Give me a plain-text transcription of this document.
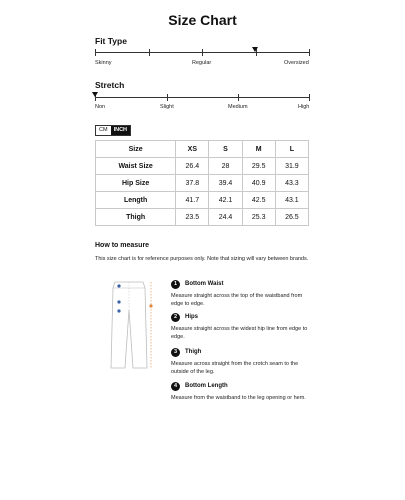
Size Chart
Fit Type
Skinny	Regular	Oversized
Stretch
Non	Slight	Medium	High
CM	INCH
Size	XS	S	M	L
Waist Size	26.4	28	29.5	31.9
Hip Size	37.8	39.4	40.9	43.3
Length	41.7	42.1	42.5	43.1
Thigh	23.5	24.4	25.3	26.5
How to measure
This size chart is for reference purposes only. Note that sizing will vary between brands.
1	Bottom Waist
Measure straight across the top of the waistband from edge to edge.
2	Hips
Measure straight across the widest hip line from edge to edge.
3	Thigh
Measure across straight from the crotch seam to the outside of the leg.
4	Bottom Length
Measure from the waistband to the leg opening or hem.
